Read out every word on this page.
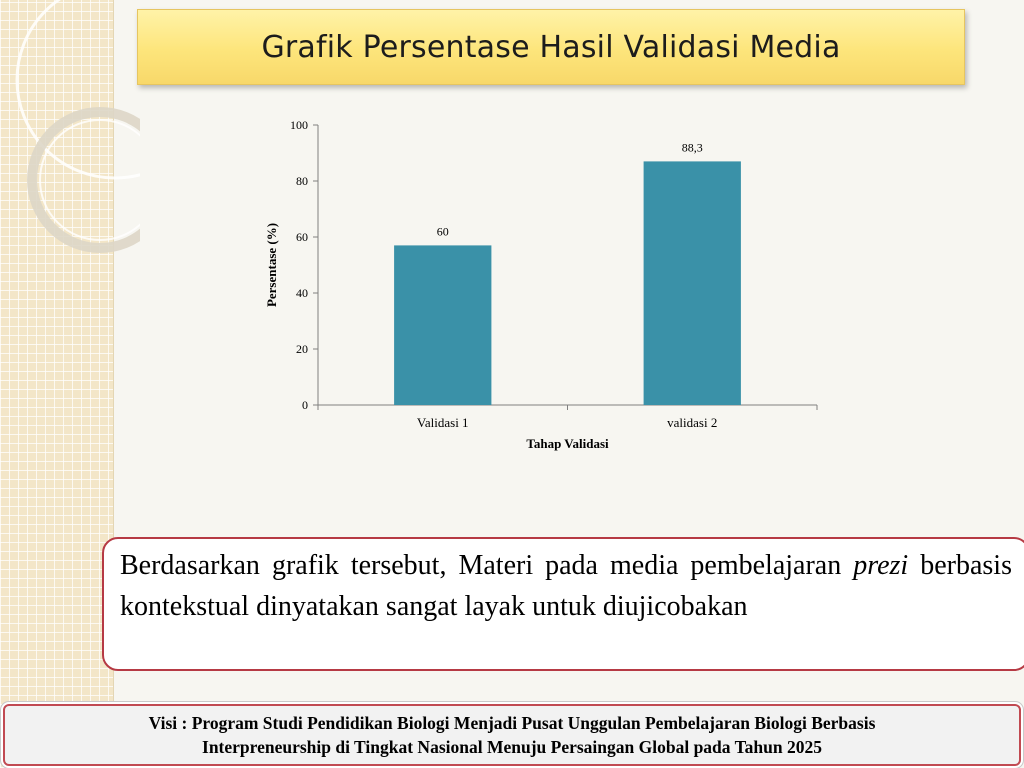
Grafik Persentase Hasil Validasi Media
0
20
40
60
80
100
60
Validasi 1
88,3
validasi 2
Persentase (%)
Tahap Validasi
Berdasarkan grafik tersebut, Materi pada media pembelajaran prezi berbasis kontekstual dinyatakan sangat layak untuk diujicobakan
Visi : Program Studi Pendidikan Biologi Menjadi Pusat Unggulan Pembelajaran Biologi Berbasis
Interpreneurship di Tingkat Nasional Menuju Persaingan Global pada Tahun 2025
